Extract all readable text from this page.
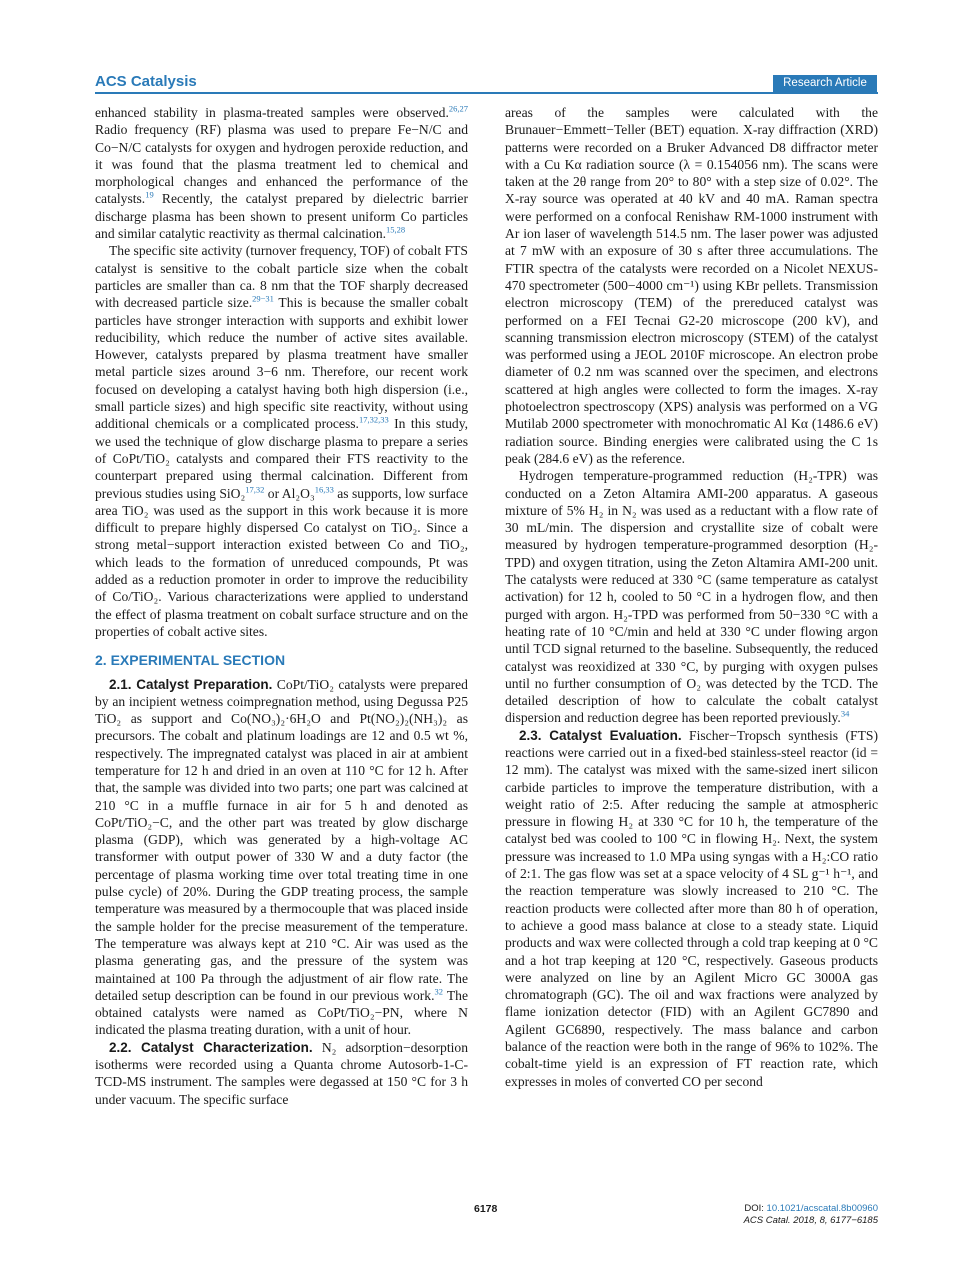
ACS Catalysis	Research Article

enhanced stability in plasma-treated samples were observed.$^{26,27}$ Radio frequency (RF) plasma was used to prepare Fe−N/C and Co−N/C catalysts for oxygen and hydrogen peroxide reduction, and it was found that the plasma treatment led to chemical and morphological changes and enhanced the performance of the catalysts.$^{19}$ Recently, the catalyst prepared by dielectric barrier discharge plasma has been shown to present uniform Co particles and similar catalytic reactivity as thermal calcination.$^{15,28}$

The specific site activity (turnover frequency, TOF) of cobalt FTS catalyst is sensitive to the cobalt particle size when the cobalt particles are smaller than ca. 8 nm that the TOF sharply decreased with decreased particle size.$^{29-31}$ This is because the smaller cobalt particles have stronger interaction with supports and exhibit lower reducibility, which reduce the number of active sites available. However, catalysts prepared by plasma treatment have smaller metal particle sizes around 3−6 nm. Therefore, our recent work focused on developing a catalyst having both high dispersion (i.e., small particle sizes) and high specific site reactivity, without using additional chemicals or a complicated process.$^{17,32,33}$ In this study, we used the technique of glow discharge plasma to prepare a series of CoPt/TiO₂ catalysts and compared their FTS reactivity to the counterpart prepared using thermal calcination. Different from previous studies using SiO₂$^{17,32}$ or Al₂O₃$^{16,33}$ as supports, low surface area TiO₂ was used as the support in this work because it is more difficult to prepare highly dispersed Co catalyst on TiO₂. Since a strong metal−support interaction existed between Co and TiO₂, which leads to the formation of unreduced compounds, Pt was added as a reduction promoter in order to improve the reducibility of Co/TiO₂. Various characterizations were applied to understand the effect of plasma treatment on cobalt surface structure and on the properties of cobalt active sites.

2. EXPERIMENTAL SECTION

2.1. Catalyst Preparation. CoPt/TiO₂ catalysts were prepared by an incipient wetness coimpregnation method, using Degussa P25 TiO₂ as support and Co(NO₃)₂·6H₂O and Pt(NO₂)₂(NH₃)₂ as precursors. The cobalt and platinum loadings are 12 and 0.5 wt %, respectively. The impregnated catalyst was placed in air at ambient temperature for 12 h and dried in an oven at 110 °C for 12 h. After that, the sample was divided into two parts; one part was calcined at 210 °C in a muffle furnace in air for 5 h and denoted as CoPt/TiO₂−C, and the other part was treated by glow discharge plasma (GDP), which was generated by a high-voltage AC transformer with output power of 330 W and a duty factor (the percentage of plasma working time over total treating time in one pulse cycle) of 20%. During the GDP treating process, the sample temperature was measured by a thermocouple that was placed inside the sample holder for the precise measurement of the temperature. The temperature was always kept at 210 °C. Air was used as the plasma generating gas, and the pressure of the system was maintained at 100 Pa through the adjustment of air flow rate. The detailed setup description can be found in our previous work.$^{32}$ The obtained catalysts were named as CoPt/TiO₂−PN, where N indicated the plasma treating duration, with a unit of hour.

2.2. Catalyst Characterization. N₂ adsorption−desorption isotherms were recorded using a Quanta chrome Autosorb-1-C-TCD-MS instrument. The samples were degassed at 150 °C for 3 h under vacuum. The specific surface

areas of the samples were calculated with the Brunauer−Emmett−Teller (BET) equation. X-ray diffraction (XRD) patterns were recorded on a Bruker Advanced D8 diffractor meter with a Cu Kα radiation source (λ = 0.154056 nm). The scans were taken at the 2θ range from 20° to 80° with a step size of 0.02°. The X-ray source was operated at 40 kV and 40 mA. Raman spectra were performed on a confocal Renishaw RM-1000 instrument with Ar ion laser of wavelength 514.5 nm. The laser power was adjusted at 7 mW with an exposure of 30 s after three accumulations. The FTIR spectra of the catalysts were recorded on a Nicolet NEXUS-470 spectrometer (500−4000 cm⁻¹) using KBr pellets. Transmission electron microscopy (TEM) of the prereduced catalyst was performed on a FEI Tecnai G2-20 microscope (200 kV), and scanning transmission electron microscopy (STEM) of the catalyst was performed using a JEOL 2010F microscope. An electron probe diameter of 0.2 nm was scanned over the specimen, and electrons scattered at high angles were collected to form the images. X-ray photoelectron spectroscopy (XPS) analysis was performed on a VG Mutilab 2000 spectrometer with monochromatic Al Kα (1486.6 eV) radiation source. Binding energies were calibrated using the C 1s peak (284.6 eV) as the reference.

Hydrogen temperature-programmed reduction (H₂-TPR) was conducted on a Zeton Altamira AMI-200 apparatus. A gaseous mixture of 5% H₂ in N₂ was used as a reductant with a flow rate of 30 mL/min. The dispersion and crystallite size of cobalt were measured by hydrogen temperature-programmed desorption (H₂-TPD) and oxygen titration, using the Zeton Altamira AMI-200 unit. The catalysts were reduced at 330 °C (same temperature as catalyst activation) for 12 h, cooled to 50 °C in a hydrogen flow, and then purged with argon. H₂-TPD was performed from 50−330 °C with a heating rate of 10 °C/min and held at 330 °C under flowing argon until TCD signal returned to the baseline. Subsequently, the reduced catalyst was reoxidized at 330 °C, by purging with oxygen pulses until no further consumption of O₂ was detected by the TCD. The detailed description of how to calculate the cobalt catalyst dispersion and reduction degree has been reported previously.$^{34}$

2.3. Catalyst Evaluation. Fischer−Tropsch synthesis (FTS) reactions were carried out in a fixed-bed stainless-steel reactor (id = 12 mm). The catalyst was mixed with the same-sized inert silicon carbide particles to improve the temperature distribution, with a weight ratio of 2:5. After reducing the sample at atmospheric pressure in flowing H₂ at 330 °C for 10 h, the temperature of the catalyst bed was cooled to 100 °C in flowing H₂. Next, the system pressure was increased to 1.0 MPa using syngas with a H₂:CO ratio of 2:1. The gas flow was set at a space velocity of 4 SL g⁻¹ h⁻¹, and the reaction temperature was slowly increased to 210 °C. The reaction products were collected after more than 80 h of operation, to achieve a good mass balance at close to a steady state. Liquid products and wax were collected through a cold trap keeping at 0 °C and a hot trap keeping at 120 °C, respectively. Gaseous products were analyzed on line by an Agilent Micro GC 3000A gas chromatograph (GC). The oil and wax fractions were analyzed by flame ionization detector (FID) with an Agilent GC7890 and Agilent GC6890, respectively. The mass balance and carbon balance of the reaction were both in the range of 96% to 102%. The cobalt-time yield is an expression of FT reaction rate, which expresses in moles of converted CO per second

6178	DOI: 10.1021/acscatal.8b00960
ACS Catal. 2018, 8, 6177−6185
